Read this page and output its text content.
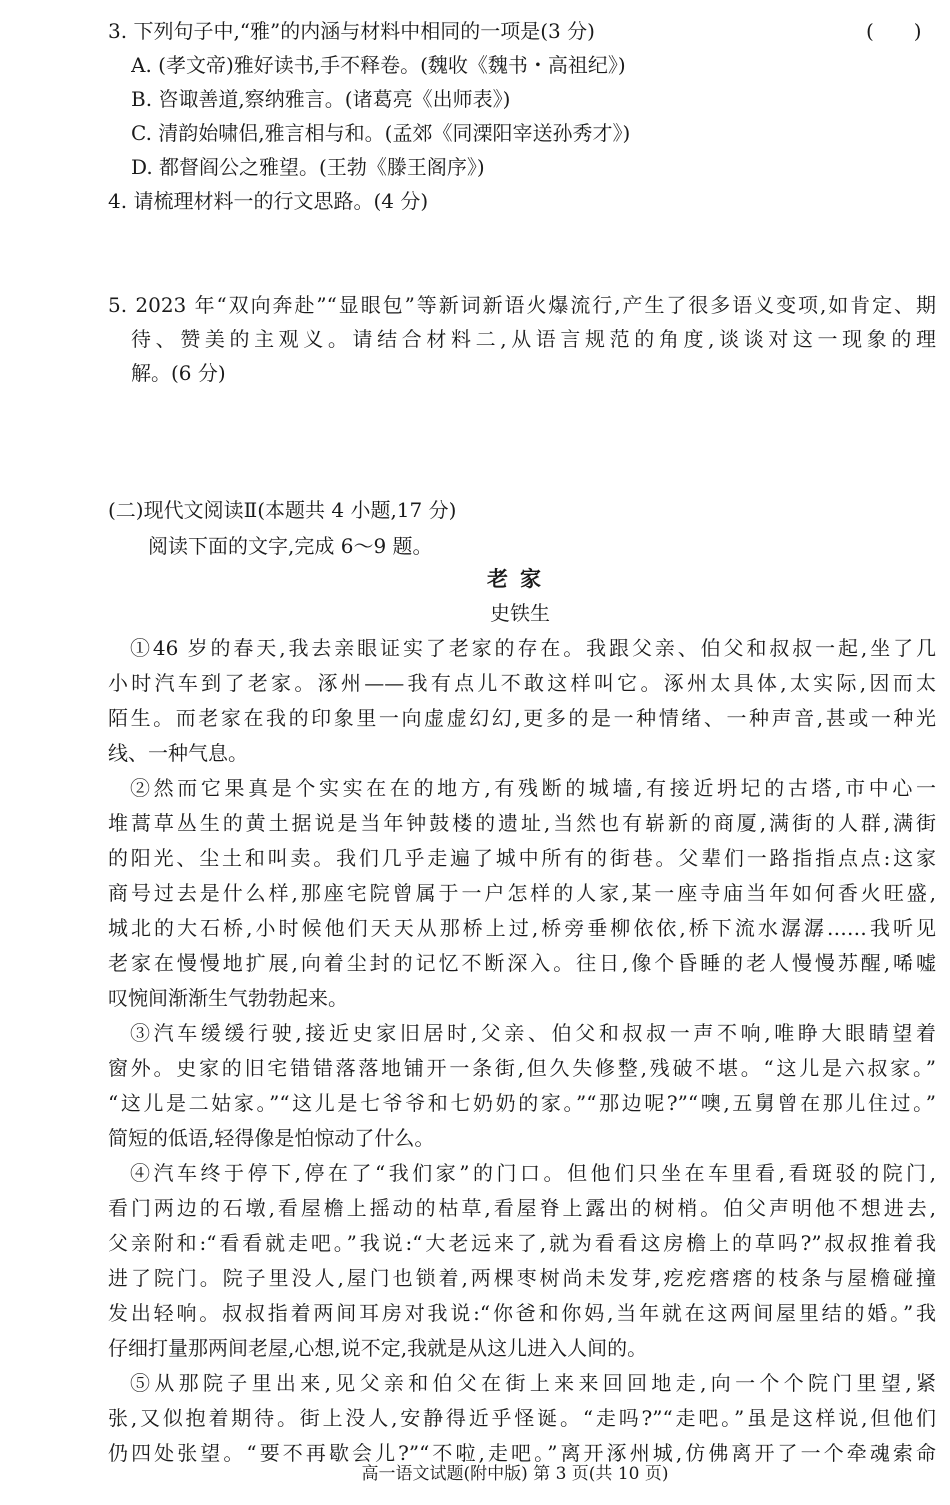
3. 下列句子中,“雅”的内涵与材料中相同的一项是(3 分)	(　　)
A. (孝文帝)雅好读书,手不释卷。(魏收《魏书・高祖纪》)
B. 咨诹善道,察纳雅言。(诸葛亮《出师表》)
C. 清韵始啸侣,雅言相与和。(孟郊《同溧阳宰送孙秀才》)
D. 都督阎公之雅望。(王勃《滕王阁序》)
4. 请梳理材料一的行文思路。(4 分)
5. 2023 年“双向奔赴”“显眼包”等新词新语火爆流行,产生了很多语义变项,如肯定、期
待、赞美的主观义。请结合材料二,从语言规范的角度,谈谈对这一现象的理
解。(6 分)
(二)现代文阅读Ⅱ(本题共 4 小题,17 分)
阅读下面的文字,完成 6～9 题。
老家
史铁生
①46 岁的春天,我去亲眼证实了老家的存在。我跟父亲、伯父和叔叔一起,坐了几
小时汽车到了老家。涿州——我有点儿不敢这样叫它。涿州太具体,太实际,因而太
陌生。而老家在我的印象里一向虚虚幻幻,更多的是一种情绪、一种声音,甚或一种光
线、一种气息。
②然而它果真是个实实在在的地方,有残断的城墙,有接近坍圮的古塔,市中心一
堆蒿草丛生的黄土据说是当年钟鼓楼的遗址,当然也有崭新的商厦,满街的人群,满街
的阳光、尘土和叫卖。我们几乎走遍了城中所有的街巷。父辈们一路指指点点:这家
商号过去是什么样,那座宅院曾属于一户怎样的人家,某一座寺庙当年如何香火旺盛,
城北的大石桥,小时候他们天天从那桥上过,桥旁垂柳依依,桥下流水潺潺……我听见
老家在慢慢地扩展,向着尘封的记忆不断深入。往日,像个昏睡的老人慢慢苏醒,唏嘘
叹惋间渐渐生气勃勃起来。
③汽车缓缓行驶,接近史家旧居时,父亲、伯父和叔叔一声不响,唯睁大眼睛望着
窗外。史家的旧宅错错落落地铺开一条街,但久失修整,残破不堪。“这儿是六叔家。”
“这儿是二姑家。”“这儿是七爷爷和七奶奶的家。”“那边呢?”“噢,五舅曾在那儿住过。”
简短的低语,轻得像是怕惊动了什么。
④汽车终于停下,停在了“我们家”的门口。但他们只坐在车里看,看斑驳的院门,
看门两边的石墩,看屋檐上摇动的枯草,看屋脊上露出的树梢。伯父声明他不想进去,
父亲附和:“看看就走吧。”我说:“大老远来了,就为看看这房檐上的草吗?”叔叔推着我
进了院门。院子里没人,屋门也锁着,两棵枣树尚未发芽,疙疙瘩瘩的枝条与屋檐碰撞
发出轻响。叔叔指着两间耳房对我说:“你爸和你妈,当年就在这两间屋里结的婚。”我
仔细打量那两间老屋,心想,说不定,我就是从这儿进入人间的。
⑤从那院子里出来,见父亲和伯父在街上来来回回地走,向一个个院门里望,紧
张,又似抱着期待。街上没人,安静得近乎怪诞。“走吗?”“走吧。”虽是这样说,但他们
仍四处张望。“要不再歇会儿?”“不啦,走吧。”离开涿州城,仿佛离开了一个牵魂索命
高一语文试题(附中版) 第 3 页(共 10 页)
